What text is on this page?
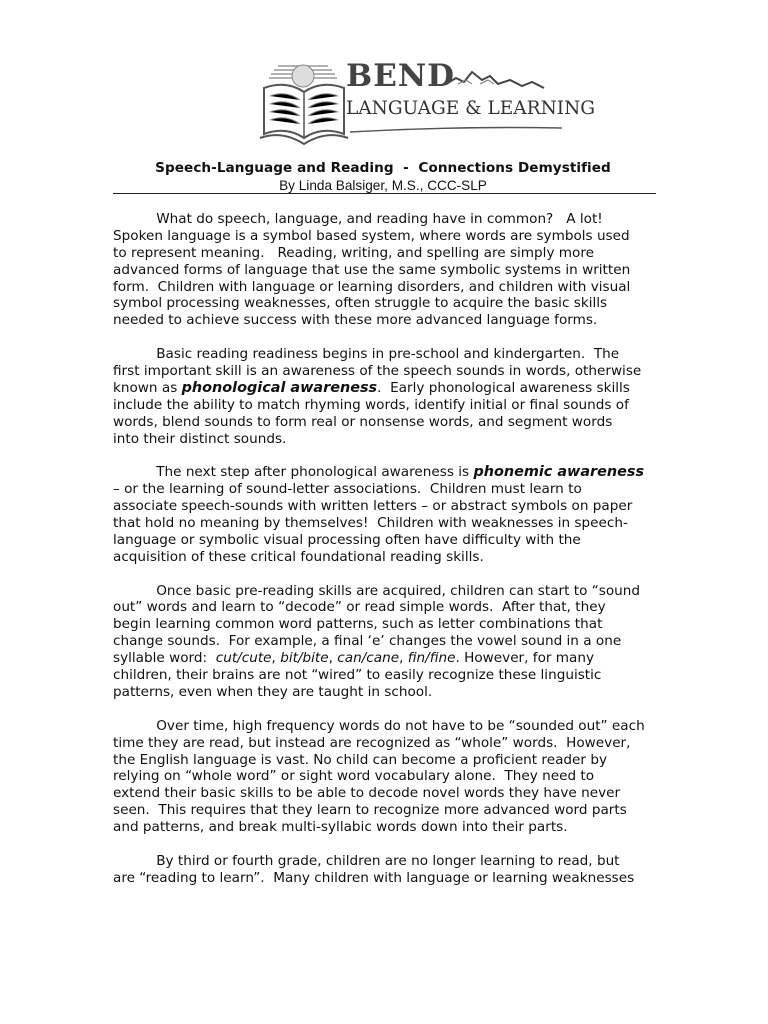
BEND
LANGUAGE & LEARNING
Speech-Language and Reading  -  Connections Demystified
By Linda Balsiger, M.S., CCC-SLP
What do speech, language, and reading have in common?   A lot!
Spoken language is a symbol based system, where words are symbols used
to represent meaning.   Reading, writing, and spelling are simply more
advanced forms of language that use the same symbolic systems in written
form.  Children with language or learning disorders, and children with visual
symbol processing weaknesses, often struggle to acquire the basic skills
needed to achieve success with these more advanced language forms.
Basic reading readiness begins in pre-school and kindergarten.  The
first important skill is an awareness of the speech sounds in words, otherwise
known as phonological awareness.  Early phonological awareness skills
include the ability to match rhyming words, identify initial or final sounds of
words, blend sounds to form real or nonsense words, and segment words
into their distinct sounds.
The next step after phonological awareness is phonemic awareness
– or the learning of sound-letter associations.  Children must learn to
associate speech-sounds with written letters – or abstract symbols on paper
that hold no meaning by themselves!  Children with weaknesses in speech-
language or symbolic visual processing often have difficulty with the
acquisition of these critical foundational reading skills.
Once basic pre-reading skills are acquired, children can start to “sound
out” words and learn to “decode” or read simple words.  After that, they
begin learning common word patterns, such as letter combinations that
change sounds.  For example, a final ‘e’ changes the vowel sound in a one
syllable word:  cut/cute, bit/bite, can/cane, fin/fine. However, for many
children, their brains are not “wired” to easily recognize these linguistic
patterns, even when they are taught in school.
Over time, high frequency words do not have to be “sounded out” each
time they are read, but instead are recognized as “whole” words.  However,
the English language is vast. No child can become a proficient reader by
relying on “whole word” or sight word vocabulary alone.  They need to
extend their basic skills to be able to decode novel words they have never
seen.  This requires that they learn to recognize more advanced word parts
and patterns, and break multi-syllabic words down into their parts.
By third or fourth grade, children are no longer learning to read, but
are “reading to learn”.  Many children with language or learning weaknesses
